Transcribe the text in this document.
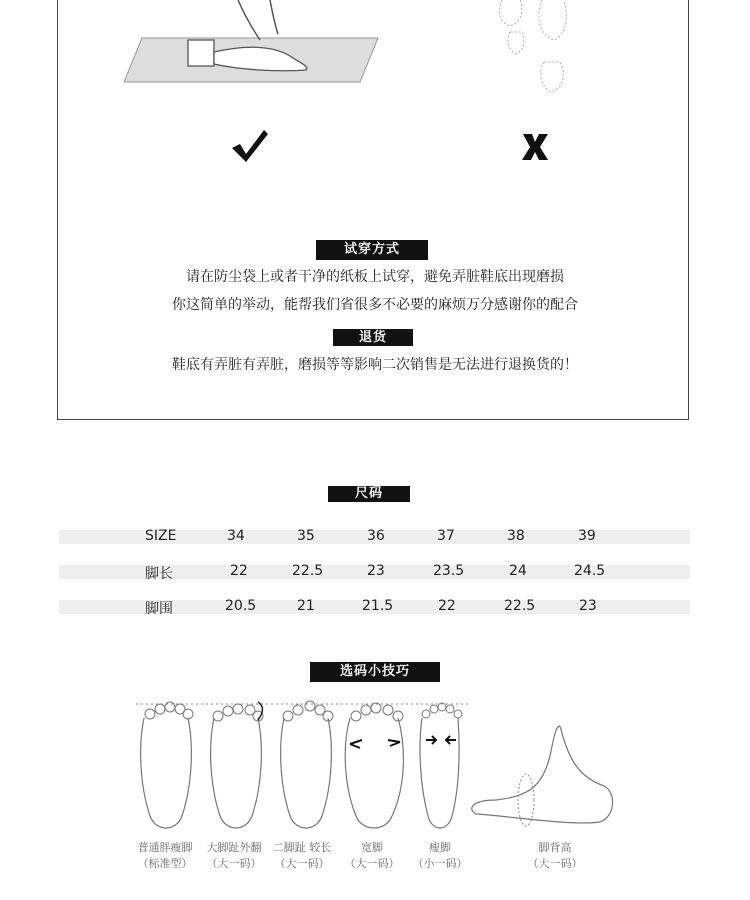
试穿方式
请在防尘袋上或者干净的纸板上试穿，避免弄脏鞋底出现磨损
你这简单的举动，能帮我们省很多不必要的麻烦万分感谢你的配合
退货
鞋底有弄脏有弄脏，磨损等等影响二次销售是无法进行退换货的！
尺码
SIZE	34	35	36	37	38	39
脚长	22	22.5	23	23.5	24	24.5
脚围	20.5	21	21.5	22	22.5	23
选码小技巧
普通胖瘦脚
（标准型）
大脚趾外翻
（大一码）
二脚趾 较长
（大一码）
宽脚
（大一码）
瘦脚
（小一码）
脚背高
（大一码）
